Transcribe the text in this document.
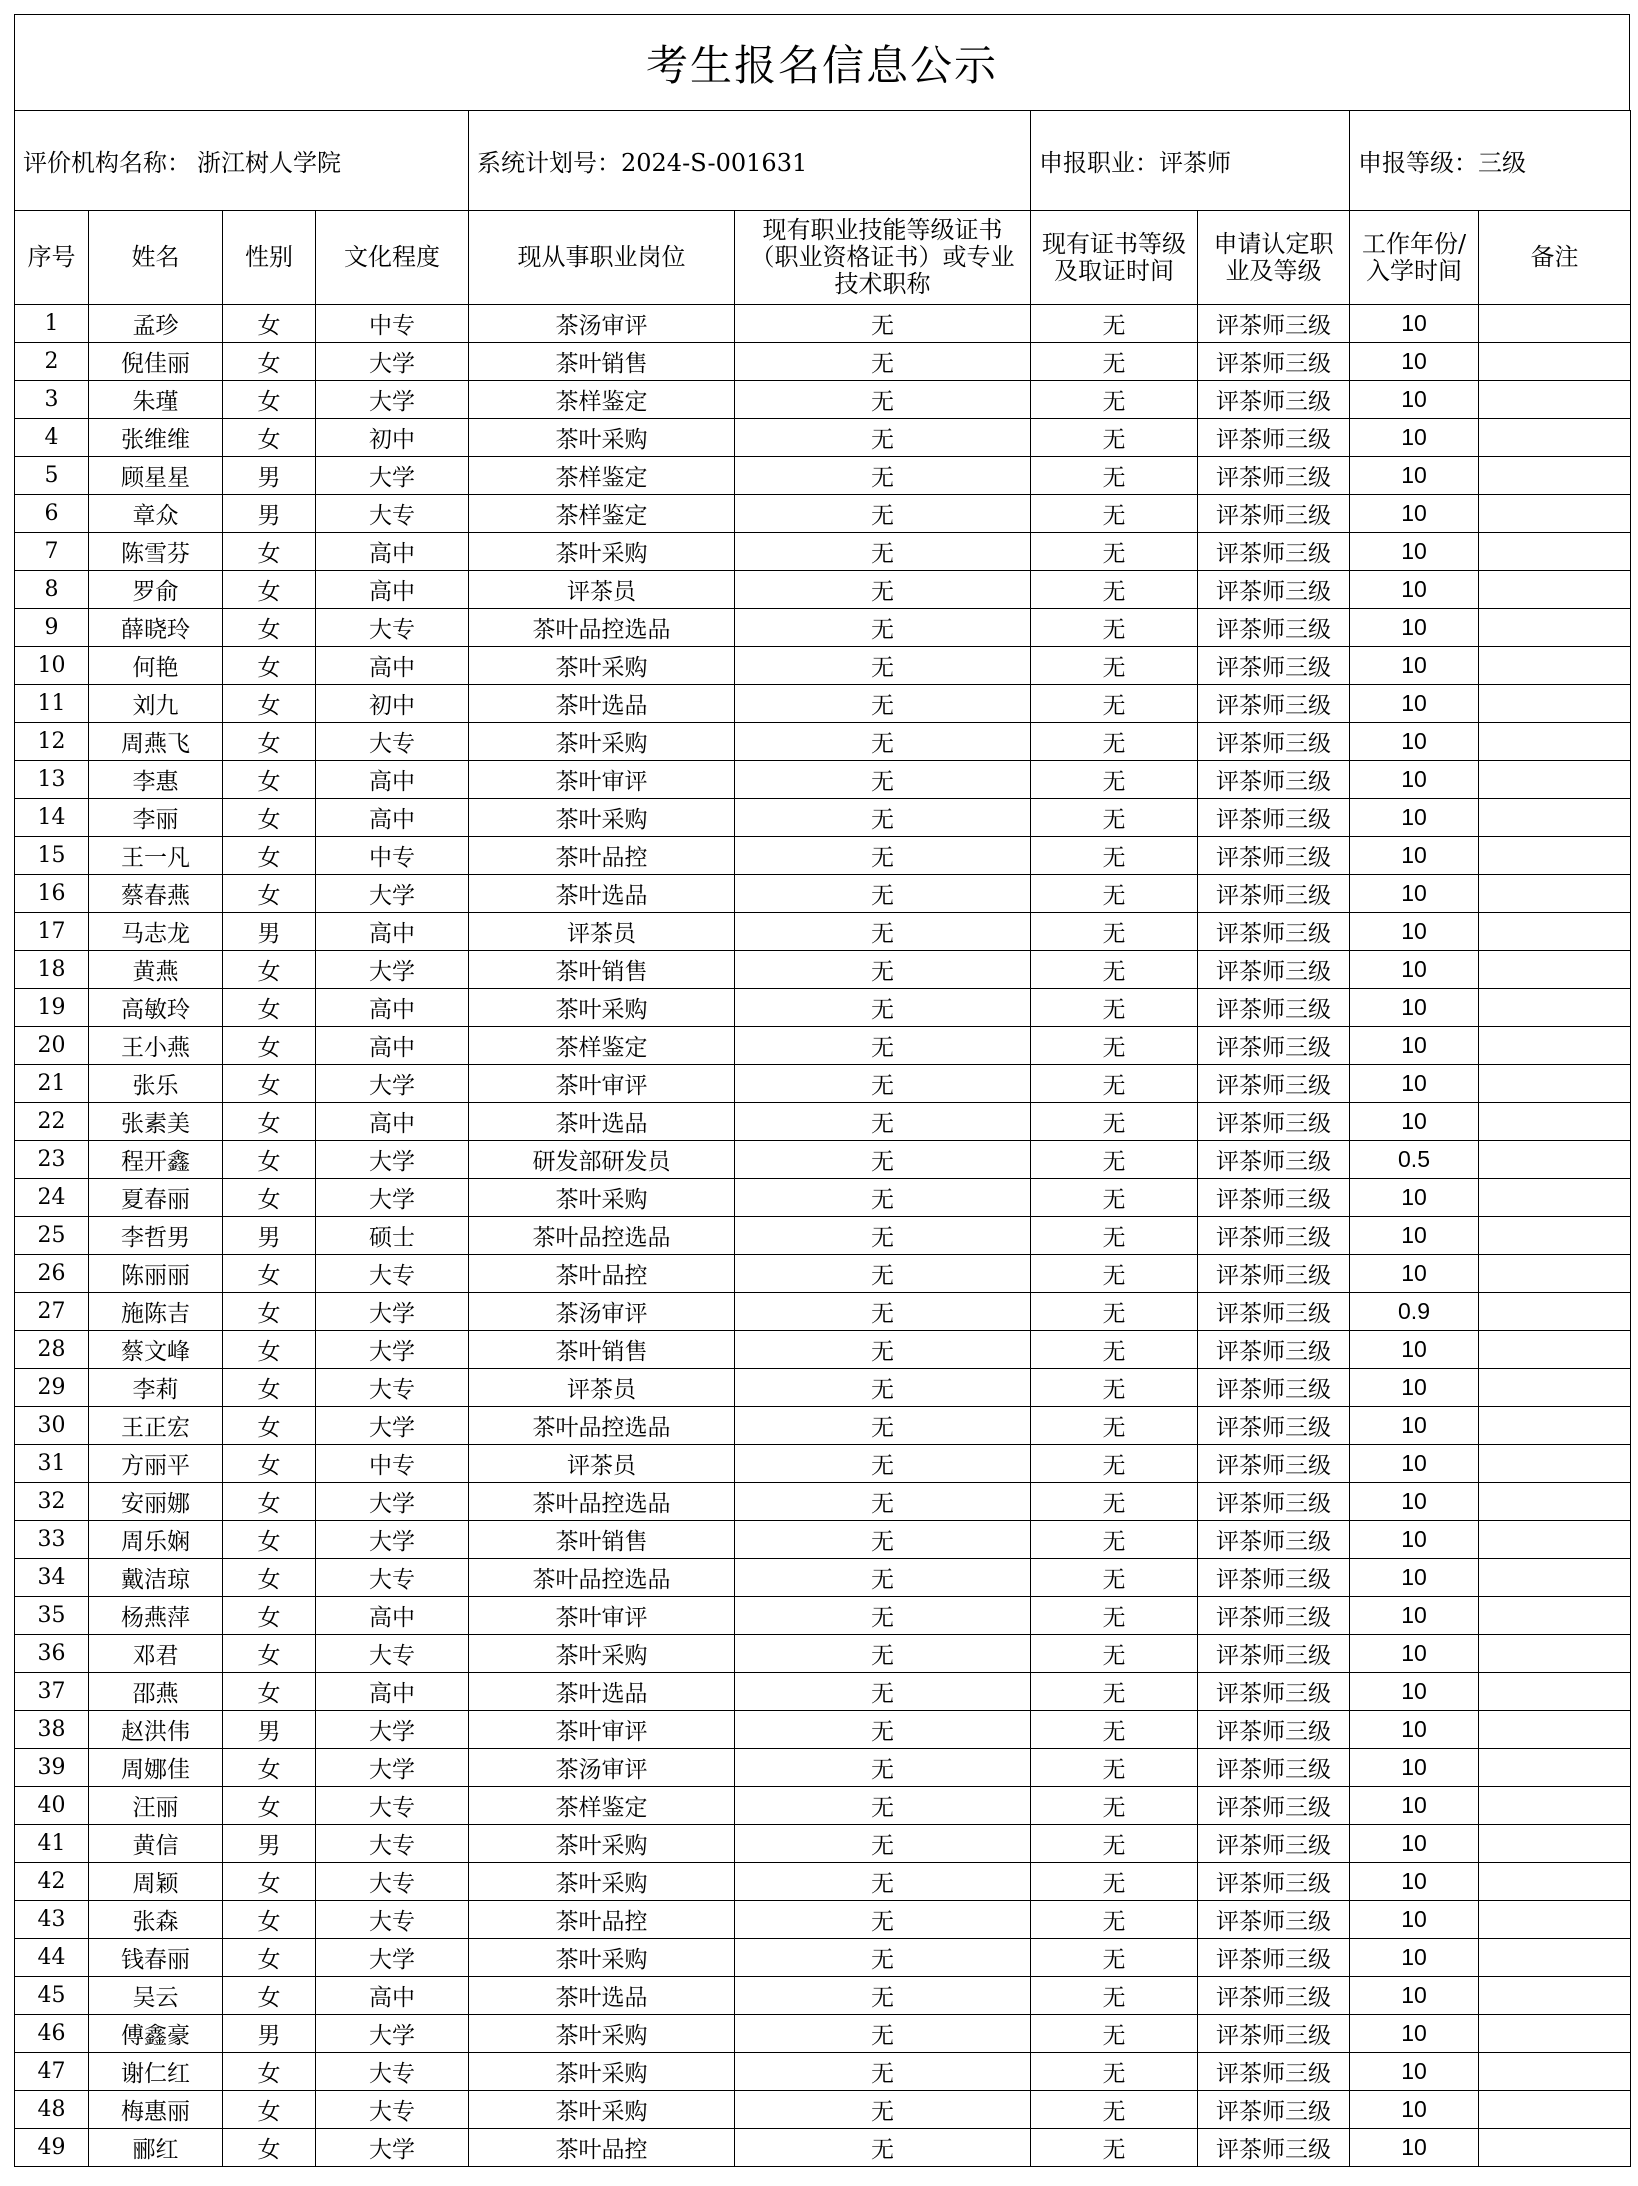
考生报名信息公示
评价机构名称： 浙江树人学院				系统计划号：2024-S-001631		申报职业：评茶师		申报等级：三级	
序号	姓名	性别	文化程度	现从事职业岗位	现有职业技能等级证书（职业资格证书）或专业技术职称	现有证书等级及取证时间	申请认定职业及等级	工作年份/入学时间	备注
1	孟珍	女	中专	茶汤审评	无	无	评茶师三级	10	
2	倪佳丽	女	大学	茶叶销售	无	无	评茶师三级	10	
3	朱瑾	女	大学	茶样鉴定	无	无	评茶师三级	10	
4	张维维	女	初中	茶叶采购	无	无	评茶师三级	10	
5	顾星星	男	大学	茶样鉴定	无	无	评茶师三级	10	
6	章众	男	大专	茶样鉴定	无	无	评茶师三级	10	
7	陈雪芬	女	高中	茶叶采购	无	无	评茶师三级	10	
8	罗俞	女	高中	评茶员	无	无	评茶师三级	10	
9	薛晓玲	女	大专	茶叶品控选品	无	无	评茶师三级	10	
10	何艳	女	高中	茶叶采购	无	无	评茶师三级	10	
11	刘九	女	初中	茶叶选品	无	无	评茶师三级	10	
12	周燕飞	女	大专	茶叶采购	无	无	评茶师三级	10	
13	李惠	女	高中	茶叶审评	无	无	评茶师三级	10	
14	李丽	女	高中	茶叶采购	无	无	评茶师三级	10	
15	王一凡	女	中专	茶叶品控	无	无	评茶师三级	10	
16	蔡春燕	女	大学	茶叶选品	无	无	评茶师三级	10	
17	马志龙	男	高中	评茶员	无	无	评茶师三级	10	
18	黄燕	女	大学	茶叶销售	无	无	评茶师三级	10	
19	高敏玲	女	高中	茶叶采购	无	无	评茶师三级	10	
20	王小燕	女	高中	茶样鉴定	无	无	评茶师三级	10	
21	张乐	女	大学	茶叶审评	无	无	评茶师三级	10	
22	张素美	女	高中	茶叶选品	无	无	评茶师三级	10	
23	程开鑫	女	大学	研发部研发员	无	无	评茶师三级	0.5	
24	夏春丽	女	大学	茶叶采购	无	无	评茶师三级	10	
25	李哲男	男	硕士	茶叶品控选品	无	无	评茶师三级	10	
26	陈丽丽	女	大专	茶叶品控	无	无	评茶师三级	10	
27	施陈吉	女	大学	茶汤审评	无	无	评茶师三级	0.9	
28	蔡文峰	女	大学	茶叶销售	无	无	评茶师三级	10	
29	李莉	女	大专	评茶员	无	无	评茶师三级	10	
30	王正宏	女	大学	茶叶品控选品	无	无	评茶师三级	10	
31	方丽平	女	中专	评茶员	无	无	评茶师三级	10	
32	安丽娜	女	大学	茶叶品控选品	无	无	评茶师三级	10	
33	周乐娴	女	大学	茶叶销售	无	无	评茶师三级	10	
34	戴洁琼	女	大专	茶叶品控选品	无	无	评茶师三级	10	
35	杨燕萍	女	高中	茶叶审评	无	无	评茶师三级	10	
36	邓君	女	大专	茶叶采购	无	无	评茶师三级	10	
37	邵燕	女	高中	茶叶选品	无	无	评茶师三级	10	
38	赵洪伟	男	大学	茶叶审评	无	无	评茶师三级	10	
39	周娜佳	女	大学	茶汤审评	无	无	评茶师三级	10	
40	汪丽	女	大专	茶样鉴定	无	无	评茶师三级	10	
41	黄信	男	大专	茶叶采购	无	无	评茶师三级	10	
42	周颖	女	大专	茶叶采购	无	无	评茶师三级	10	
43	张森	女	大专	茶叶品控	无	无	评茶师三级	10	
44	钱春丽	女	大学	茶叶采购	无	无	评茶师三级	10	
45	吴云	女	高中	茶叶选品	无	无	评茶师三级	10	
46	傅鑫豪	男	大学	茶叶采购	无	无	评茶师三级	10	
47	谢仁红	女	大专	茶叶采购	无	无	评茶师三级	10	
48	梅惠丽	女	大专	茶叶采购	无	无	评茶师三级	10	
49	郦红	女	大学	茶叶品控	无	无	评茶师三级	10	
